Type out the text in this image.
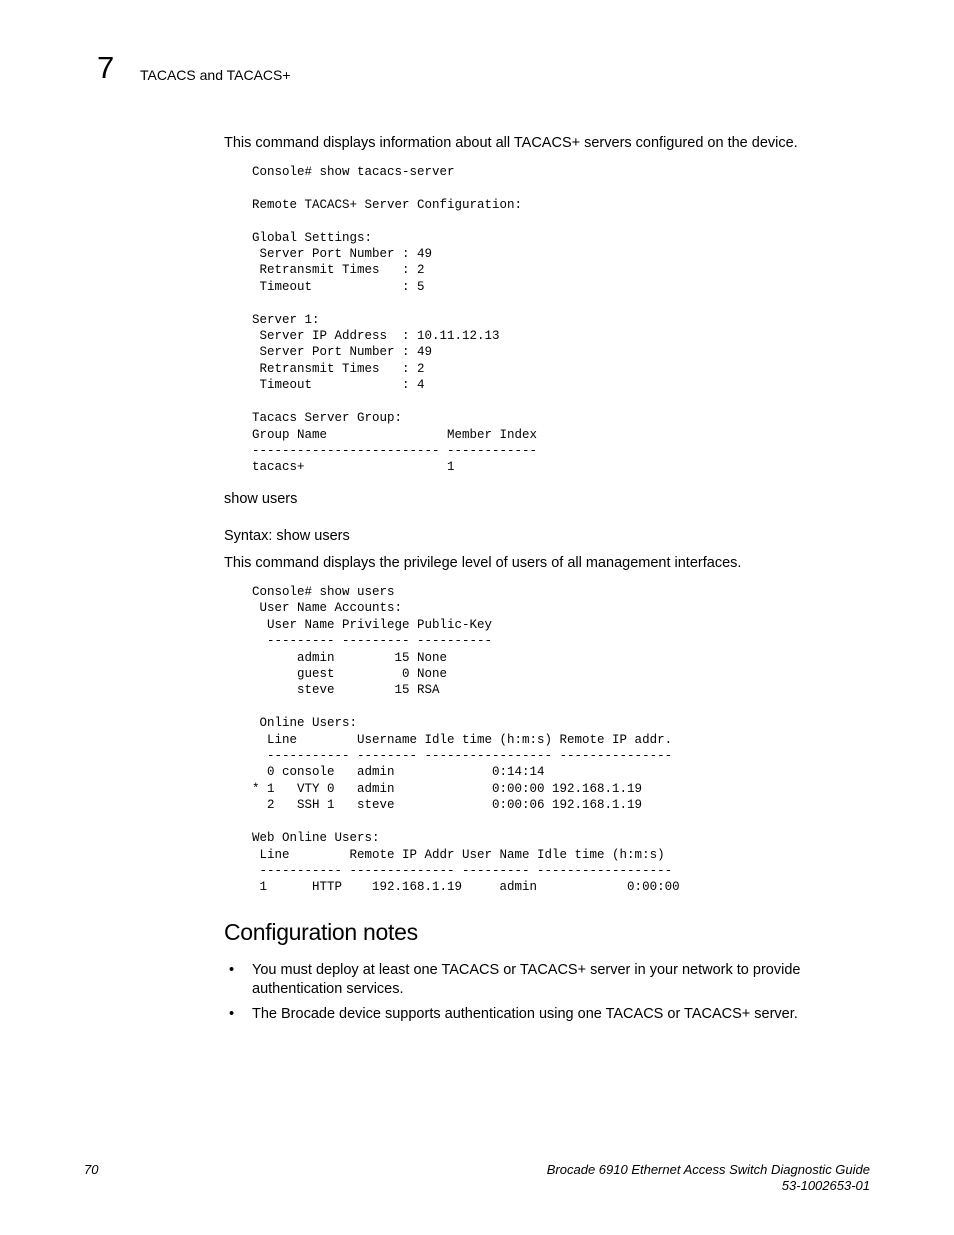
7 TACACS and TACACS+
This command displays information about all TACACS+ servers configured on the device.
Console# show tacacs-server

Remote TACACS+ Server Configuration:

Global Settings:
Server Port Number : 49
Retransmit Times   : 2
Timeout            : 5

Server 1:
Server IP Address  : 10.11.12.13
Server Port Number : 49
Retransmit Times   : 2
Timeout            : 4

Tacacs Server Group:
Group Name                Member Index
------------------------- ------------
tacacs+                   1
show users
Syntax: show users
This command displays the privilege level of users of all management interfaces.
Console# show users
User Name Accounts:
User Name Privilege Public-Key
--------- --------- ----------
admin        15 None
guest         0 None
steve        15 RSA

Online Users:
Line        Username Idle time (h:m:s) Remote IP addr.
----------- -------- ----------------- ---------------
0 console   admin             0:14:14
* 1   VTY 0   admin             0:00:00 192.168.1.19
2   SSH 1   steve             0:00:06 192.168.1.19

Web Online Users:
Line        Remote IP Addr User Name Idle time (h:m:s)
----------- -------------- --------- ------------------
1      HTTP    192.168.1.19     admin            0:00:00
Configuration notes
• You must deploy at least one TACACS or TACACS+ server in your network to provide authentication services.
• The Brocade device supports authentication using one TACACS or TACACS+ server.
70	Brocade 6910 Ethernet Access Switch Diagnostic Guide
53-1002653-01
